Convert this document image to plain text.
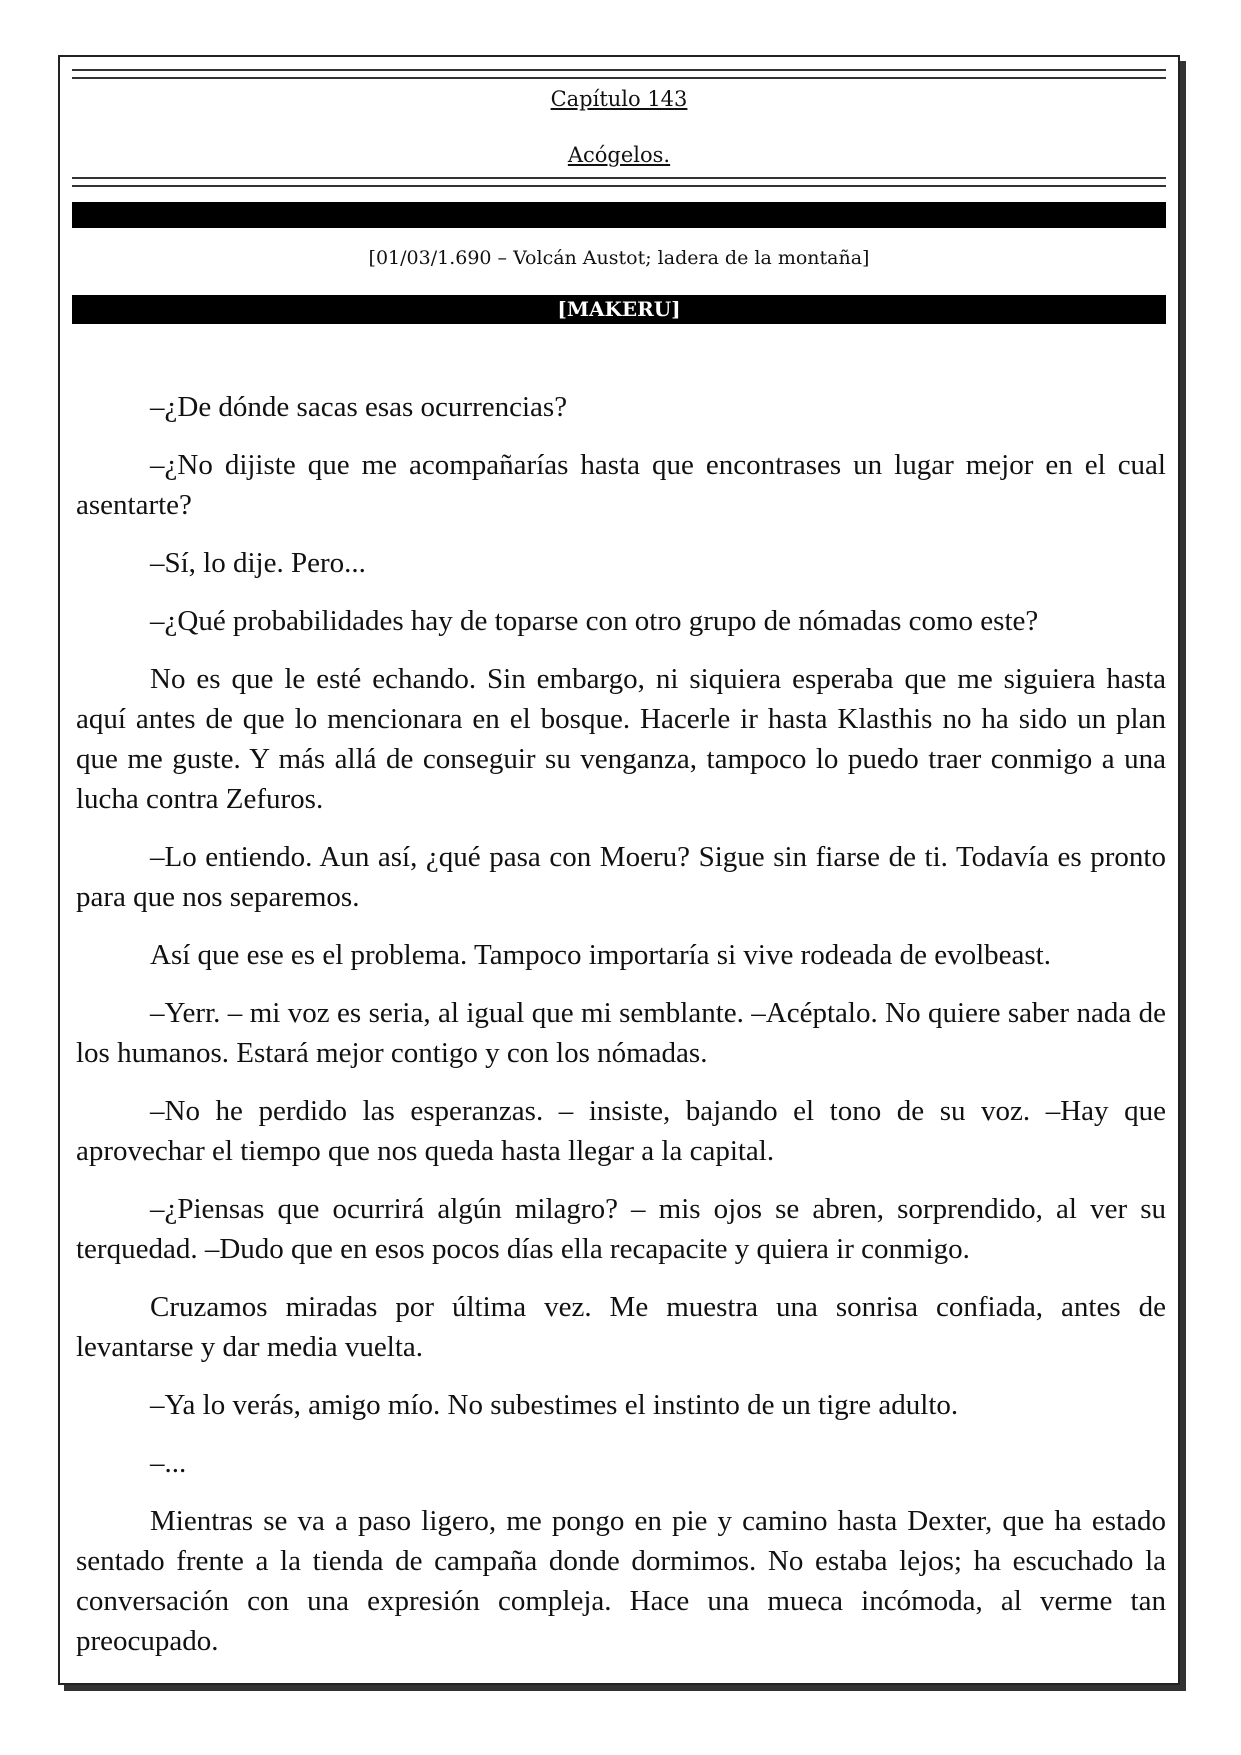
Capítulo 143
Acógelos.
[01/03/1.690 – Volcán Austot; ladera de la montaña]
[MAKERU]

–¿De dónde sacas esas ocurrencias?

–¿No dijiste que me acompañarías hasta que encontrases un lugar mejor en el cual asentarte?

–Sí, lo dije. Pero...

–¿Qué probabilidades hay de toparse con otro grupo de nómadas como este?

No es que le esté echando. Sin embargo, ni siquiera esperaba que me siguiera hasta aquí antes de que lo mencionara en el bosque. Hacerle ir hasta Klasthis no ha sido un plan que me guste. Y más allá de conseguir su venganza, tampoco lo puedo traer conmigo a una lucha contra Zefuros.

–Lo entiendo. Aun así, ¿qué pasa con Moeru? Sigue sin fiarse de ti. Todavía es pronto para que nos separemos.

Así que ese es el problema. Tampoco importaría si vive rodeada de evolbeast.

–Yerr. – mi voz es seria, al igual que mi semblante. –Acéptalo. No quiere saber nada de los humanos. Estará mejor contigo y con los nómadas.

–No he perdido las esperanzas. – insiste, bajando el tono de su voz. –Hay que aprovechar el tiempo que nos queda hasta llegar a la capital.

–¿Piensas que ocurrirá algún milagro? – mis ojos se abren, sorprendido, al ver su terquedad. –Dudo que en esos pocos días ella recapacite y quiera ir conmigo.

Cruzamos miradas por última vez. Me muestra una sonrisa confiada, antes de levantarse y dar media vuelta.

–Ya lo verás, amigo mío. No subestimes el instinto de un tigre adulto.

–...

Mientras se va a paso ligero, me pongo en pie y camino hasta Dexter, que ha estado sentado frente a la tienda de campaña donde dormimos. No estaba lejos; ha escuchado la conversación con una expresión compleja. Hace una mueca incómoda, al verme tan preocupado.
